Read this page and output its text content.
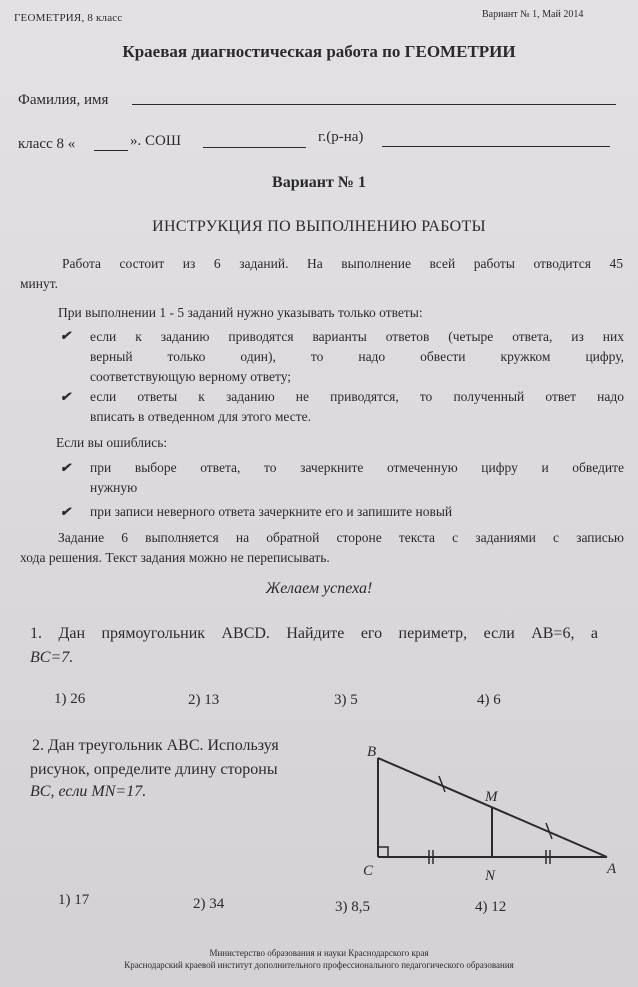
ГЕОМЕТРИЯ, 8 класс	Вариант № 1, Май 2014

Краевая диагностическая работа по ГЕОМЕТРИИ

Фамилия, имя

класс 8 «	». СОШ	г.(р-на)

Вариант № 1

ИНСТРУКЦИЯ ПО ВЫПОЛНЕНИЮ РАБОТЫ

Работа состоит из 6 заданий. На выполнение всей работы отводится 45

минут.

При выполнении 1 - 5 заданий нужно указывать только ответы:

✔ если к заданию приводятся варианты ответов (четыре ответа, из них

верный только один), то надо обвести кружком цифру,

соответствующую верному ответу;

✔ если ответы к заданию не приводятся, то полученный ответ надо

вписать в отведенном для этого месте.

Если вы ошиблись:

✔ при выборе ответа, то зачеркните отмеченную цифру и обведите

нужную

✔ при записи неверного ответа зачеркните его и запишите новый

Задание 6 выполняется на обратной стороне текста с заданиями с записью

хода решения. Текст задания можно не переписывать.

Желаем успеха!

1. Дан прямоугольник ABCD. Найдите его периметр, если AB=6, а

BC=7.

1) 26	2) 13	3) 5	4) 6

2. Дан треугольник ABC. Используя

рисунок, определите длину стороны

BC, если MN=17.

B
M
C	N	A

1) 17	2) 34	3) 8,5	4) 12

Министерство образования и науки Краснодарского края

Краснодарский краевой институт дополнительного профессионального педагогического образования
